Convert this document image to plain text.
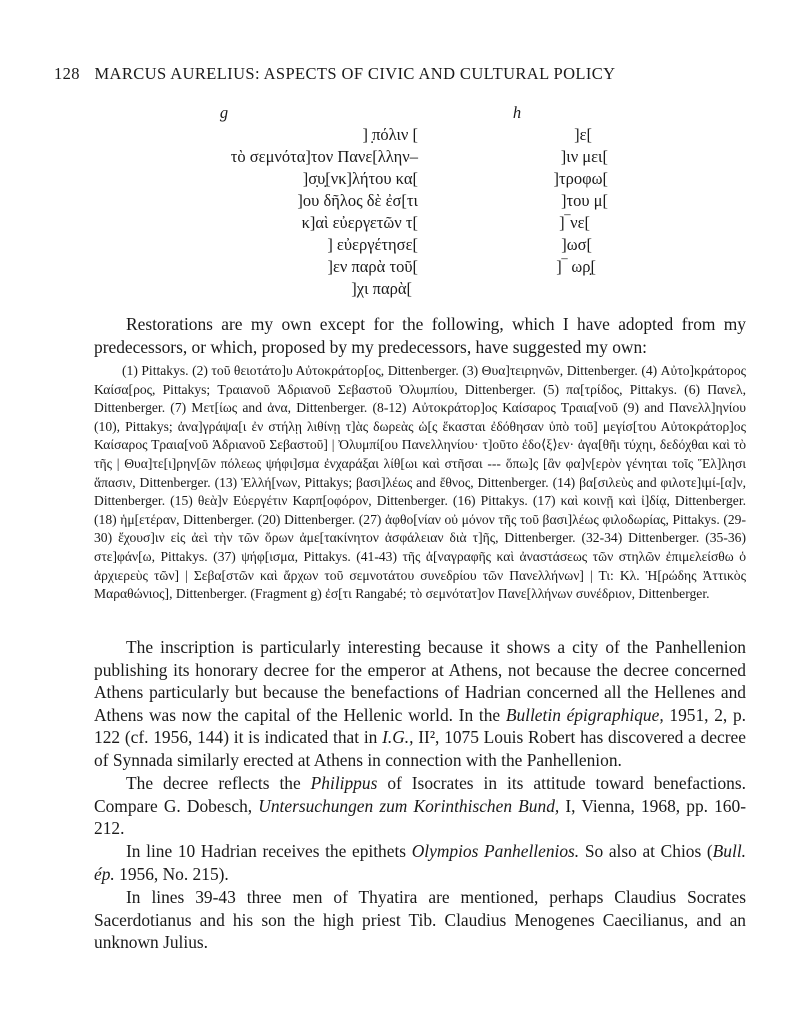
128 MARCUS AURELIUS: ASPECTS OF CIVIC AND CULTURAL POLICY
g
] ̣πόλιν [
τὸ σεμνότα]τον Πανε[λλην–
]σ̣υ̣[νκ]λήτου κα[
]ου δῆλος δὲ ἐσ[τι
κ]αὶ εὐεργετῶν τ[
] εὐεργέτησε[
]εν παρὰ τοῦ[
]χι παρὰ[
h
]ε[
]ιν μει[
]τροφω[
]του μ[
]‾νε[
]ωσ[
]‾ ωρ̣[

Restorations are my own except for the following, which I have adopted from my predecessors, or which, proposed by my predecessors, have suggested my own:

(1) Pittakys. (2) τοῦ θειοτάτο]υ Αὐτοκράτορ[ος, Dittenberger. (3) Θυα]τειρηνῶν, Dittenberger. (4) Αὐτο]κράτορος Καίσα[ρος, Pittakys; Τραιανοῦ Ἁδριανοῦ Σεβαστοῦ Ὀλυμπίου, Dittenberger. (5) πα[τρίδος, Pittakys. (6) Πανελ, Dittenberger. (7) Μετ[ίως and ἀνα, Dittenberger. (8-12) Αὐτοκράτορ]ος Καίσαρος Τραια[νοῦ (9) and Πανελλ]ηνίου (10), Pittakys; ἀνα]γράψα[ι ἐν στήλῃ λιθίνῃ τ]ὰς δωρεὰς ὡ[ς ἕκασται ἐδόθησαν ὑπὸ τοῦ] μεγίσ[του Αὐτοκράτορ]ος Καίσαρος Τραια[νοῦ Ἁδριανοῦ Σεβαστοῦ] | Ὀλυμπί[ου Πανελληνίου· τ]οῦτο ἐδο⟨ξ⟩εν· ἀγα[θῆι τύχηι, δεδόχθαι καὶ τὸ τῆς | Θυα]τε[ι]ρην[ῶν πόλεως ψήφι]σμα ἐνχαράξαι λίθ[ωι καὶ στῆσαι --- ὅπω]ς [ἂν φα]ν[ερὸν γένηται τοῖς Ἕλ]λησι ἅπασιν, Dittenberger. (13) Ἑλλή[νων, Pittakys; βασι]λέως and ἔθνος, Dittenberger. (14) βα[σιλεὺς and φιλοτε]ιμί-[α]ν, Dittenberger. (15) θεὰ]ν Εὐεργέτιν Καρπ[οφόρον, Dittenberger. (16) Pittakys. (17) καὶ κοινῇ καὶ ἰ]δίᾳ, Dittenberger. (18) ἡμ[ετέραν, Dittenberger. (20) Dittenberger. (27) ἀφθο[νίαν οὐ μόνον τῆς τοῦ βασι]λέως φιλοδωρίας, Pittakys. (29-30) ἔχουσ]ιν εἰς ἀεὶ τὴν τῶν ὅρων ἀμε[τακίνητον ἀσφάλειαν διὰ τ]ῆς, Dittenberger. (32-34) Dittenberger. (35-36) στε]φάν[ω, Pittakys. (37) ψήφ[ισμα, Pittakys. (41-43) τῆς ἀ[ναγραφῆς καὶ ἀναστάσεως τῶν στηλῶν ἐπιμελείσθω ὁ ἀρχιερεὺς τῶν] | Σεβα[στῶν καὶ ἄρχων τοῦ σεμνοτάτου συνεδρίου τῶν Πανελλήνων] | Τι: Κλ. Ἡ[ρώδης Ἀττικὸς Μαραθώνιος], Dittenberger. (Fragment g) ἐσ[τι Rangabé; τὸ σεμνότατ]ον Πανε[λλήνων συνέδριον, Dittenberger.

The inscription is particularly interesting because it shows a city of the Panhellenion publishing its honorary decree for the emperor at Athens, not because the decree concerned Athens particularly but because the benefactions of Hadrian concerned all the Hellenes and Athens was now the capital of the Hellenic world. In the Bulletin épigraphique, 1951, 2, p. 122 (cf. 1956, 144) it is indicated that in I.G., II², 1075 Louis Robert has discovered a decree of Synnada similarly erected at Athens in connection with the Panhellenion.

The decree reflects the Philippus of Isocrates in its attitude toward benefactions. Compare G. Dobesch, Untersuchungen zum Korinthischen Bund, I, Vienna, 1968, pp. 160-212.

In line 10 Hadrian receives the epithets Olympios Panhellenios. So also at Chios (Bull. ép. 1956, No. 215).

In lines 39-43 three men of Thyatira are mentioned, perhaps Claudius Socrates Sacerdotianus and his son the high priest Tib. Claudius Menogenes Caecilianus, and an unknown Julius.
